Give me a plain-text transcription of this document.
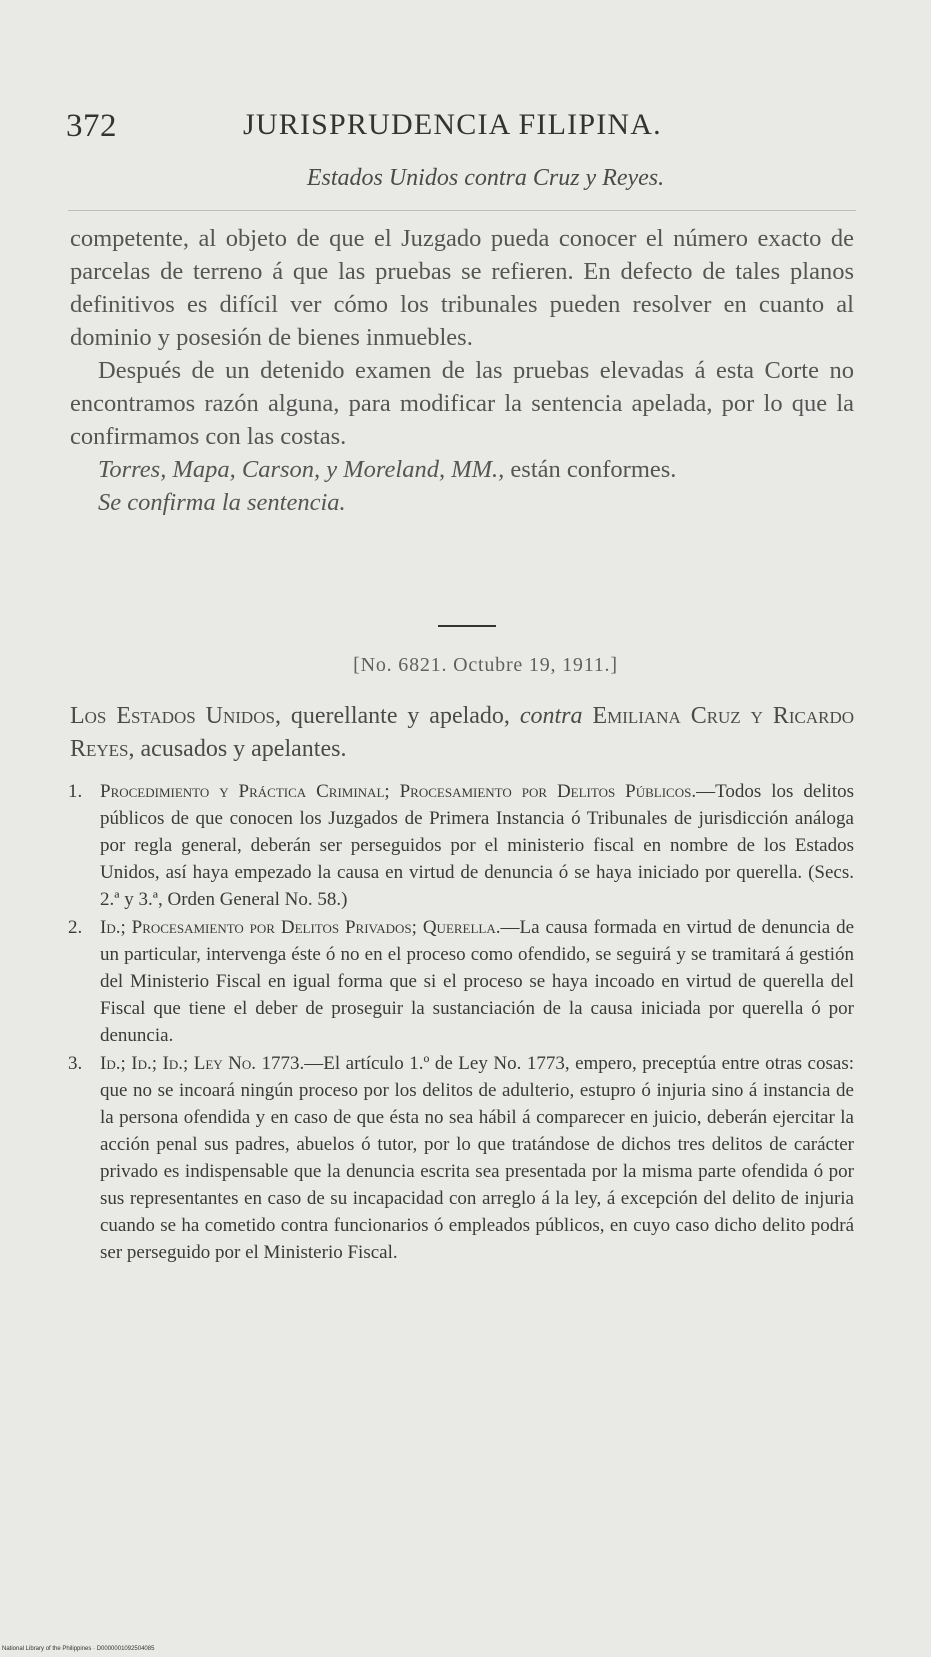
372	JURISPRUDENCIA FILIPINA.
Estados Unidos contra Cruz y Reyes.

competente, al objeto de que el Juzgado pueda conocer el número exacto de parcelas de terreno á que las pruebas se refieren. En defecto de tales planos definitivos es difícil ver cómo los tribunales pueden resolver en cuanto al dominio y posesión de bienes inmuebles.

Después de un detenido examen de las pruebas elevadas á esta Corte no encontramos razón alguna, para modificar la sentencia apelada, por lo que la confirmamos con las costas.

Torres, Mapa, Carson, y Moreland, MM., están conformes.

Se confirma la sentencia.

[No. 6821. Octubre 19, 1911.]

Los Estados Unidos, querellante y apelado, contra Emiliana Cruz y Ricardo Reyes, acusados y apelantes.

1. Procedimiento y Práctica Criminal; Procesamiento por Delitos Públicos.—Todos los delitos públicos de que conocen los Juzgados de Primera Instancia ó Tribunales de jurisdicción análoga por regla general, deberán ser perseguidos por el ministerio fiscal en nombre de los Estados Unidos, así haya empezado la causa en virtud de denuncia ó se haya iniciado por querella. (Secs. 2.ª y 3.ª, Orden General No. 58.)
2. Id.; Procesamiento por Delitos Privados; Querella.—La causa formada en virtud de denuncia de un particular, intervenga éste ó no en el proceso como ofendido, se seguirá y se tramitará á gestión del Ministerio Fiscal en igual forma que si el proceso se haya incoado en virtud de querella del Fiscal que tiene el deber de proseguir la sustanciación de la causa iniciada por querella ó por denuncia.
3. Id.; Id.; Id.; Ley No. 1773.—El artículo 1.º de Ley No. 1773, empero, preceptúa entre otras cosas: que no se incoará ningún proceso por los delitos de adulterio, estupro ó injuria sino á instancia de la persona ofendida y en caso de que ésta no sea hábil á comparecer en juicio, deberán ejercitar la acción penal sus padres, abuelos ó tutor, por lo que tratándose de dichos tres delitos de carácter privado es indispensable que la denuncia escrita sea presentada por la misma parte ofendida ó por sus representantes en caso de su incapacidad con arreglo á la ley, á excepción del delito de injuria cuando se ha cometido contra funcionarios ó empleados públicos, en cuyo caso dicho delito podrá ser perseguido por el Ministerio Fiscal.
National Library of the Philippines · D0000001092504085
